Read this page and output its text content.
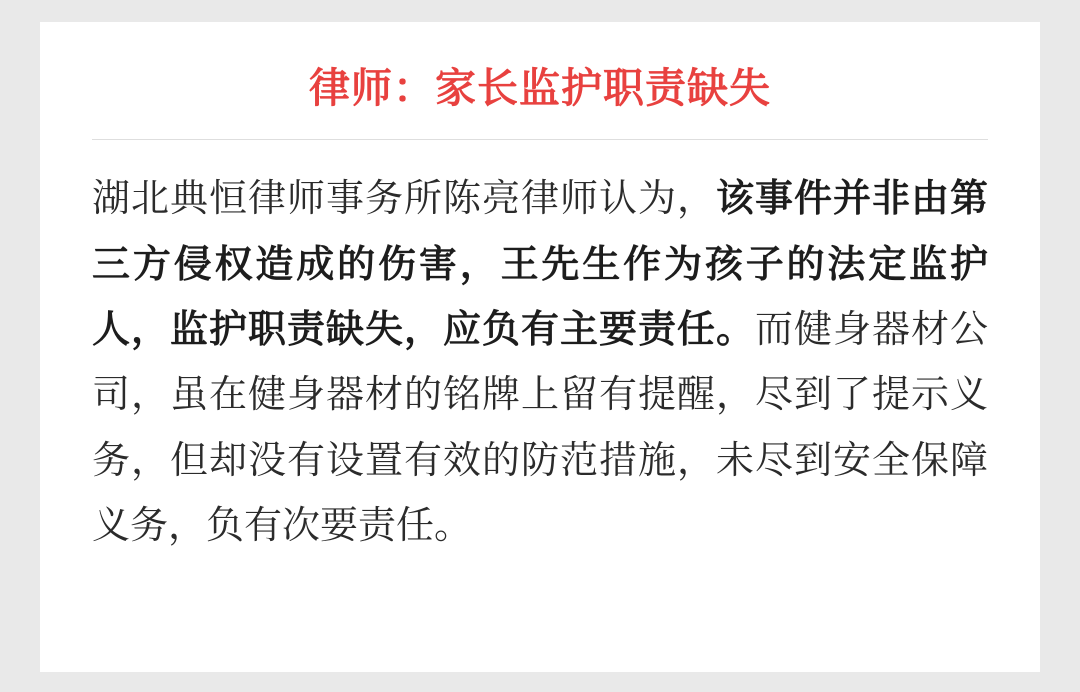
律师：家长监护职责缺失
湖北典恒律师事务所陈亮律师认为，该事件并非由第三方侵权造成的伤害，王先生作为孩子的法定监护人，监护职责缺失，应负有主要责任。而健身器材公司，虽在健身器材的铭牌上留有提醒，尽到了提示义务，但却没有设置有效的防范措施，未尽到安全保障义务，负有次要责任。
